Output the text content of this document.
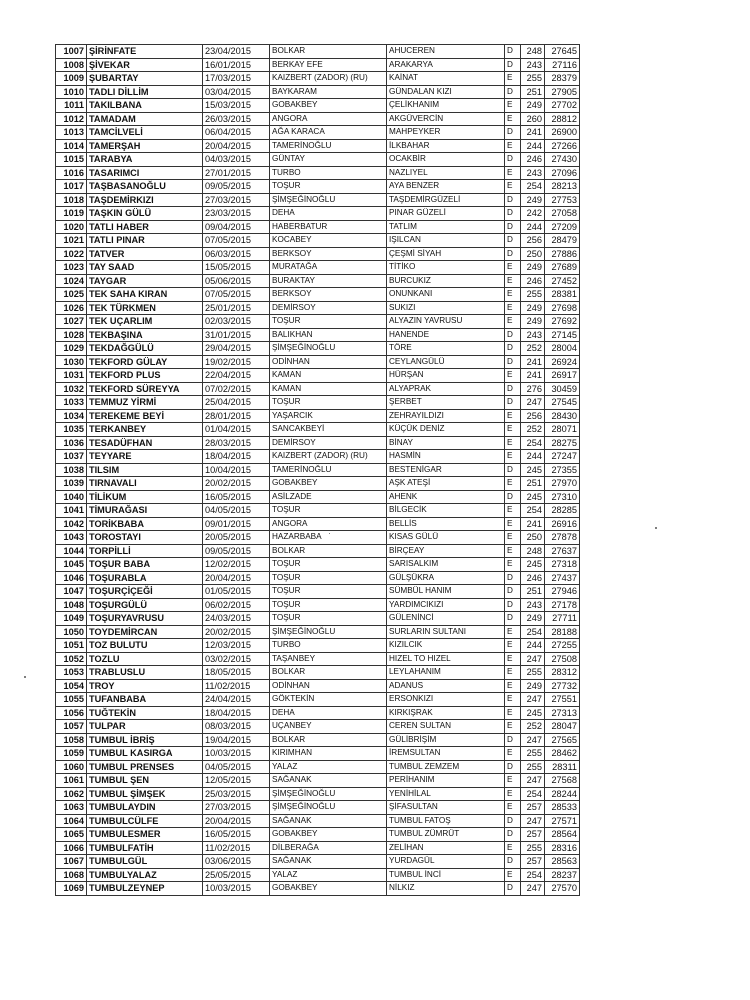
1007	ŞİRİNFATE	23/04/2015	BOLKAR	AHUCEREN	D	248	27645
1008	ŞİVEKAR	16/01/2015	BERKAY EFE	ARAKARYA	D	243	27116
1009	ŞUBARTAY	17/03/2015	KAIZBERT (ZADOR) (RU)	KAİNAT	E	255	28379
1010	TADLI DİLLİM	03/04/2015	BAYKARAM	GÜNDALAN KIZI	D	251	27905
1011	TAKILBANA	15/03/2015	GOBAKBEY	ÇELİKHANIM	E	249	27702
1012	TAMADAM	26/03/2015	ANGORA	AKGÜVERCİN	E	260	28812
1013	TAMCİLVELİ	06/04/2015	AĞA KARACA	MAHPEYKER	D	241	26900
1014	TAMERŞAH	20/04/2015	TAMERİNOĞLU	İLKBAHAR	E	244	27266
1015	TARABYA	04/03/2015	GÜNTAY	OCAKBİR	D	246	27430
1016	TASARIMCI	27/01/2015	TURBO	NAZLIYEL	E	243	27096
1017	TAŞBASANOĞLU	09/05/2015	TOŞUR	AYA BENZER	E	254	28213
1018	TAŞDEMİRKIZI	27/03/2015	ŞİMŞEĞİNOĞLU	TAŞDEMİRGÜZELİ	D	249	27753
1019	TAŞKIN GÜLÜ	23/03/2015	DEHA	PINAR GÜZELİ	D	242	27058
1020	TATLI HABER	09/04/2015	HABERBATUR	TATLIM	D	244	27209
1021	TATLI PINAR	07/05/2015	KOCABEY	IŞILCAN	D	256	28479
1022	TATVER	06/03/2015	BERKSOY	ÇEŞMİ SİYAH	D	250	27886
1023	TAY SAAD	15/05/2015	MURATAĞA	TİTİKO	E	249	27689
1024	TAYGAR	05/06/2015	BURAKTAY	BURCUKIZ	E	246	27452
1025	TEK SAHA KIRAN	07/05/2015	BERKSOY	ONUNKANI	E	255	28381
1026	TEK TÜRKMEN	25/01/2015	DEMİRSOY	SUKIZI	E	249	27698
1027	TEK UÇARLIM	02/03/2015	TOŞUR	ALYAZIN YAVRUSU	E	249	27692
1028	TEKBAŞINA	31/01/2015	BALIKHAN	HANENDE	D	243	27145
1029	TEKDAĞGÜLÜ	29/04/2015	ŞİMŞEĞİNOĞLU	TÖRE	D	252	28004
1030	TEKFORD GÜLAY	19/02/2015	ODİNHAN	CEYLANGÜLÜ	D	241	26924
1031	TEKFORD PLUS	22/04/2015	KAMAN	HÜRŞAN	E	241	26917
1032	TEKFORD SÜREYYA	07/02/2015	KAMAN	ALYAPRAK	D	276	30459
1033	TEMMUZ YİRMİ	25/04/2015	TOŞUR	ŞERBET	D	247	27545
1034	TEREKEME BEYİ	28/01/2015	YAŞARCIK	ZEHRAYILDIZI	E	256	28430
1035	TERKANBEY	01/04/2015	SANCAKBEYİ	KÜÇÜK DENİZ	E	252	28071
1036	TESADÜFHAN	28/03/2015	DEMİRSOY	BİNAY	E	254	28275
1037	TEYYARE	18/04/2015	KAIZBERT (ZADOR) (RU)	HASMİN	E	244	27247
1038	TILSIM	10/04/2015	TAMERİNOĞLU	BESTENİGAR	D	245	27355
1039	TIRNAVALI	20/02/2015	GOBAKBEY	AŞK ATEŞİ	E	251	27970
1040	TİLİKUM	16/05/2015	ASİLZADE	AHENK	D	245	27310
1041	TİMURAĞASI	04/05/2015	TOŞUR	BİLGECİK	E	254	28285
1042	TORİKBABA	09/01/2015	ANGORA	BELLİS	E	241	26916
1043	TOROSTAYI	20/05/2015	HAZARBABA	KISAS GÜLÜ	E	250	27878
1044	TORPİLLİ	09/05/2015	BOLKAR	BİRÇEAY	E	248	27637
1045	TOŞUR BABA	12/02/2015	TOŞUR	SARISALKIM	E	245	27318
1046	TOŞURABLA	20/04/2015	TOŞUR	GÜLŞÜKRA	D	246	27437
1047	TOŞURÇİÇEĞİ	01/05/2015	TOŞUR	SÜMBÜL HANIM	D	251	27946
1048	TOŞURGÜLÜ	06/02/2015	TOŞUR	YARDIMCIKIZI	D	243	27178
1049	TOŞURYAVRUSU	24/03/2015	TOŞUR	GÜLENİNCİ	D	249	27711
1050	TOYDEMİRCAN	20/02/2015	ŞİMŞEĞİNOĞLU	SURLARIN SULTANI	E	254	28188
1051	TOZ BULUTU	12/03/2015	TURBO	KIZILCIK	E	244	27255
1052	TOZLU	03/02/2015	TAŞANBEY	HIZEL TO HIZEL	E	247	27508
1053	TRABLUSLU	18/05/2015	BOLKAR	LEYLAHANIM	E	255	28312
1054	TROY	11/02/2015	ODİNHAN	ADANUS	E	249	27732
1055	TUFANBABA	24/04/2015	GÖKTEKİN	ERSONKIZI	E	247	27551
1056	TUĞTEKİN	18/04/2015	DEHA	KIRKIŞRAK	E	245	27313
1057	TULPAR	08/03/2015	UÇANBEY	CEREN SULTAN	E	252	28047
1058	TUMBUL İBRİŞ	19/04/2015	BOLKAR	GÜLİBRİŞİM	D	247	27565
1059	TUMBUL KASIRGA	10/03/2015	KIRIMHAN	İREMSULTAN	E	255	28462
1060	TUMBUL PRENSES	04/05/2015	YALAZ	TUMBUL ZEMZEM	D	255	28311
1061	TUMBUL ŞEN	12/05/2015	SAĞANAK	PERİHANIM	E	247	27568
1062	TUMBUL ŞİMŞEK	25/03/2015	ŞİMŞEĞİNOĞLU	YENİHİLAL	E	254	28244
1063	TUMBULAYDIN	27/03/2015	ŞİMŞEĞİNOĞLU	ŞİFASULTAN	E	257	28533
1064	TUMBULCÜLFE	20/04/2015	SAĞANAK	TUMBUL FATOŞ	D	247	27571
1065	TUMBULESMER	16/05/2015	GOBAKBEY	TUMBUL ZÜMRÜT	D	257	28564
1066	TUMBULFATİH	11/02/2015	DİLBERAĞA	ZELİHAN	E	255	28316
1067	TUMBULGÜL	03/06/2015	SAĞANAK	YURDAGÜL	D	257	28563
1068	TUMBULYALAZ	25/05/2015	YALAZ	TUMBUL İNCİ	E	254	28237
1069	TUMBULZEYNEP	10/03/2015	GOBAKBEY	NİLKIZ	D	247	27570
